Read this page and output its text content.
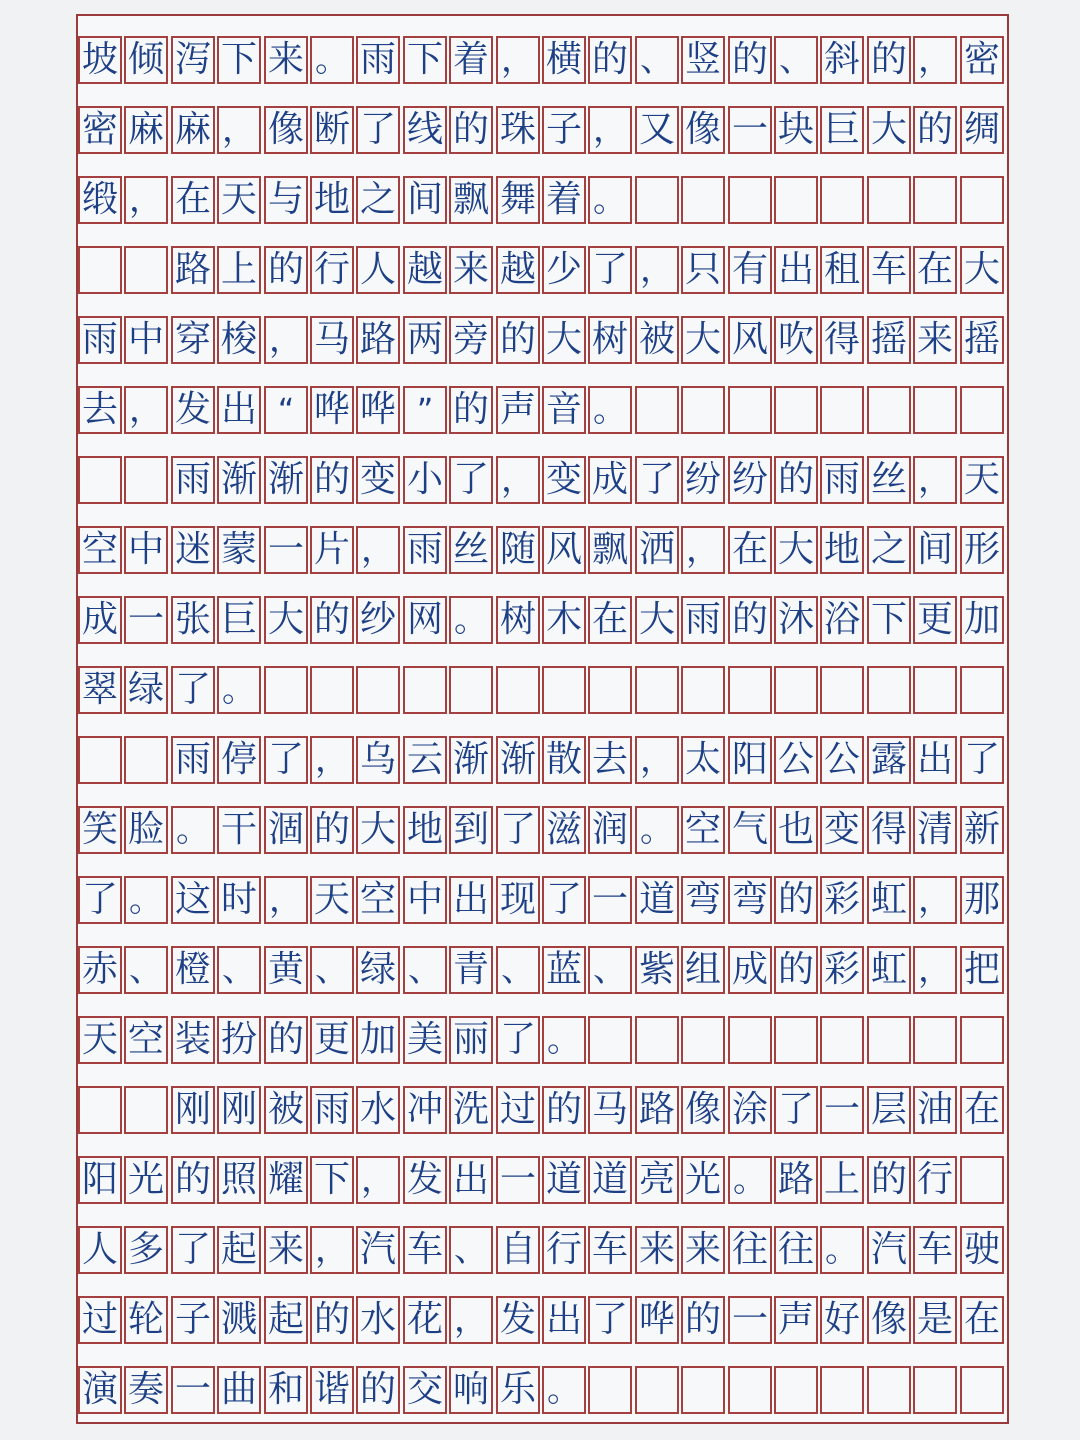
坡 倾 泻 下 来 。 雨 下 着 ， 横 的 、 竖 的 、 斜 的 ， 密
密 麻 麻 ， 像 断 了 线 的 珠 子 ， 又 像 一 块 巨 大 的 绸
缎 ， 在 天 与 地 之 间 飘 舞 着 。
路 上 的 行 人 越 来 越 少 了 ， 只 有 出 租 车 在 大
雨 中 穿 梭 ， 马 路 两 旁 的 大 树 被 大 风 吹 得 摇 来 摇
去 ， 发 出 “ 哗 哗 ” 的 声 音 。
雨 渐 渐 的 变 小 了 ， 变 成 了 纷 纷 的 雨 丝 ， 天
空 中 迷 蒙 一 片 ， 雨 丝 随 风 飘 洒 ， 在 大 地 之 间 形
成 一 张 巨 大 的 纱 网 。 树 木 在 大 雨 的 沐 浴 下 更 加
翠 绿 了 。
雨 停 了 ， 乌 云 渐 渐 散 去 ， 太 阳 公 公 露 出 了
笑 脸 。 干 涸 的 大 地 到 了 滋 润 。 空 气 也 变 得 清 新
了 。 这 时 ， 天 空 中 出 现 了 一 道 弯 弯 的 彩 虹 ， 那
赤 、 橙 、 黄 、 绿 、 青 、 蓝 、 紫 组 成 的 彩 虹 ， 把
天 空 装 扮 的 更 加 美 丽 了 。
刚 刚 被 雨 水 冲 洗 过 的 马 路 像 涂 了 一 层 油 在
阳 光 的 照 耀 下 ， 发 出 一 道 道 亮 光 。 路 上 的 行
人 多 了 起 来 ， 汽 车 、 自 行 车 来 来 往 往 。 汽 车 驶
过 轮 子 溅 起 的 水 花 ， 发 出 了 哗 的 一 声 好 像 是 在
演 奏 一 曲 和 谐 的 交 响 乐 。
